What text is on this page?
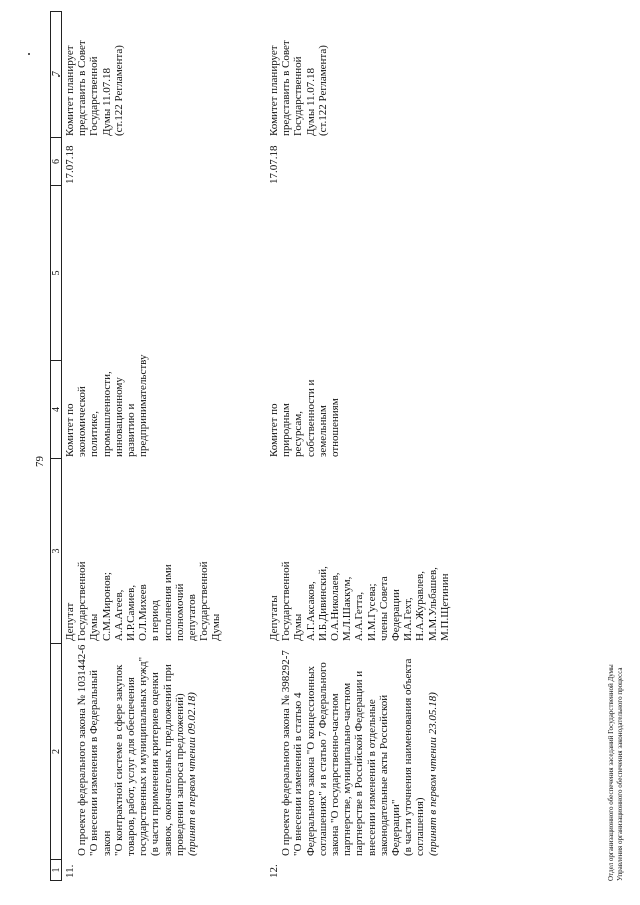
79
1
2
3
4
5
6
7
11.

О проекте федерального закона № 1031442-6
"О внесении изменения в Федеральный закон
"О контрактной системе в сфере закупок
товаров, работ, услуг для обеспечения
государственных и муниципальных нужд"
(в части применения критериев оценки
заявок, окончательных предложений при
проведении запроса предложений) (принят в первом чтении 09.02.18)

Депутат
Государственной
Думы
С.М.Миронов;
А.А.Агеев,
И.Р.Самиев,
О.Л.Михеев
в период
исполнения ими
полномочий
депутатов
Государственной
Думы
Комитет по
экономической
политике,
промышленности,
инновационному
развитию и
предпринимательству
17.07.18
Комитет планирует
представить в Совет
Государственной
Думы 11.07.18
(ст.122 Регламента)
12.

О проекте федерального закона № 398292-7
"О внесении изменений в статью 4
Федерального закона "О концессионных
соглашениях" и в статью 7 Федерального
закона "О государственно-частном
партнерстве, муниципально-частном
партнерстве в Российской Федерации и
внесении изменений в отдельные
законодательные акты Российской
Федерации"
(в части уточнения наименования объекта
соглашения) (принят в первом чтении 23.05.18)

Депутаты
Государственной
Думы
А.Г.Аксаков,
И.Б.Дивинский,
О.А.Николаев,
М.Л.Шаккум,
А.А.Гетта,
И.М.Гусева;
члены Совета
Федерации
И.А.Гехт,
Н.А.Журавлев,
М.М.Ульбашев,
М.П.Щетинин
Комитет по
природным ресурсам,
собственности и
земельным
отношениям
17.07.18
Комитет планирует
представить в Совет
Государственной
Думы 11.07.18
(ст.122 Регламента)
Отдел организационного обеспечения заседаний Государственной Думы Управления организационного обеспечения законодательного процесса
